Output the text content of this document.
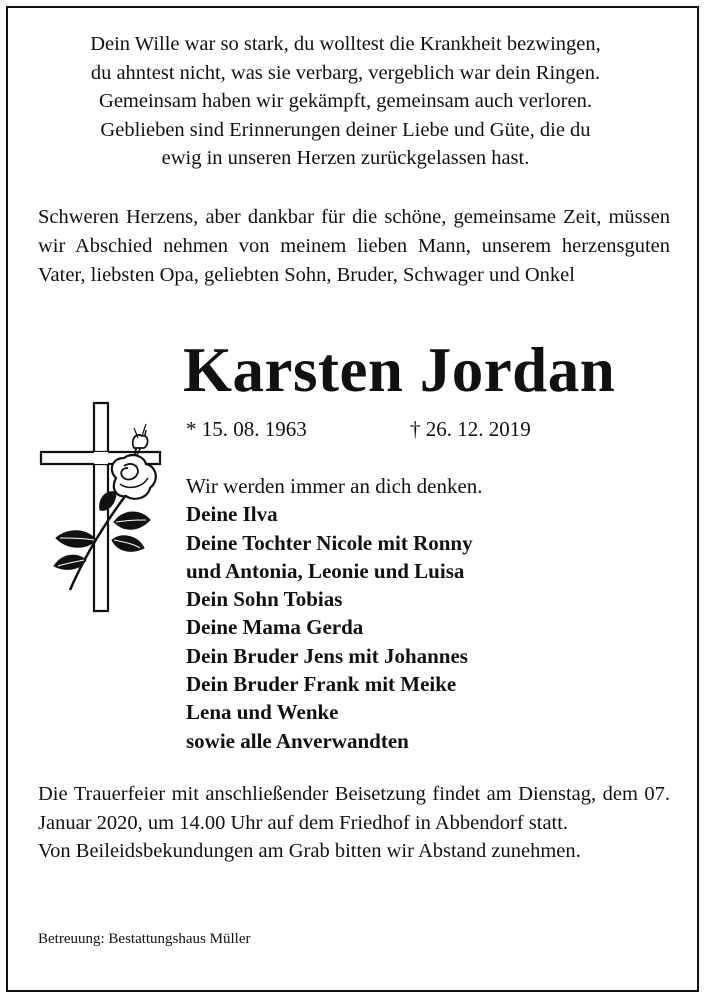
Dein Wille war so stark, du wolltest die Krankheit bezwingen,
du ahntest nicht, was sie verbarg, vergeblich war dein Ringen.
Gemeinsam haben wir gekämpft, gemeinsam auch verloren.
Geblieben sind Erinnerungen deiner Liebe und Güte, die du
ewig in unseren Herzen zurückgelassen hast.
Schweren Herzens, aber dankbar für die schöne, gemeinsame Zeit, müssen wir Abschied nehmen von meinem lieben Mann, unserem herzensguten Vater, liebsten Opa, geliebten Sohn, Bruder, Schwager und Onkel
Karsten Jordan
* 15. 08. 1963	† 26. 12. 2019
Wir werden immer an dich denken.
Deine Ilva
Deine Tochter Nicole mit Ronny
und Antonia, Leonie und Luisa
Dein Sohn Tobias
Deine Mama Gerda
Dein Bruder Jens mit Johannes
Dein Bruder Frank mit Meike
Lena und Wenke
sowie alle Anverwandten
Die Trauerfeier mit anschließender Beisetzung findet am Dienstag, dem 07. Januar 2020, um 14.00 Uhr auf dem Friedhof in Abbendorf statt.
Von Beileidsbekundungen am Grab bitten wir Abstand zunehmen.
Betreuung: Bestattungshaus Müller
